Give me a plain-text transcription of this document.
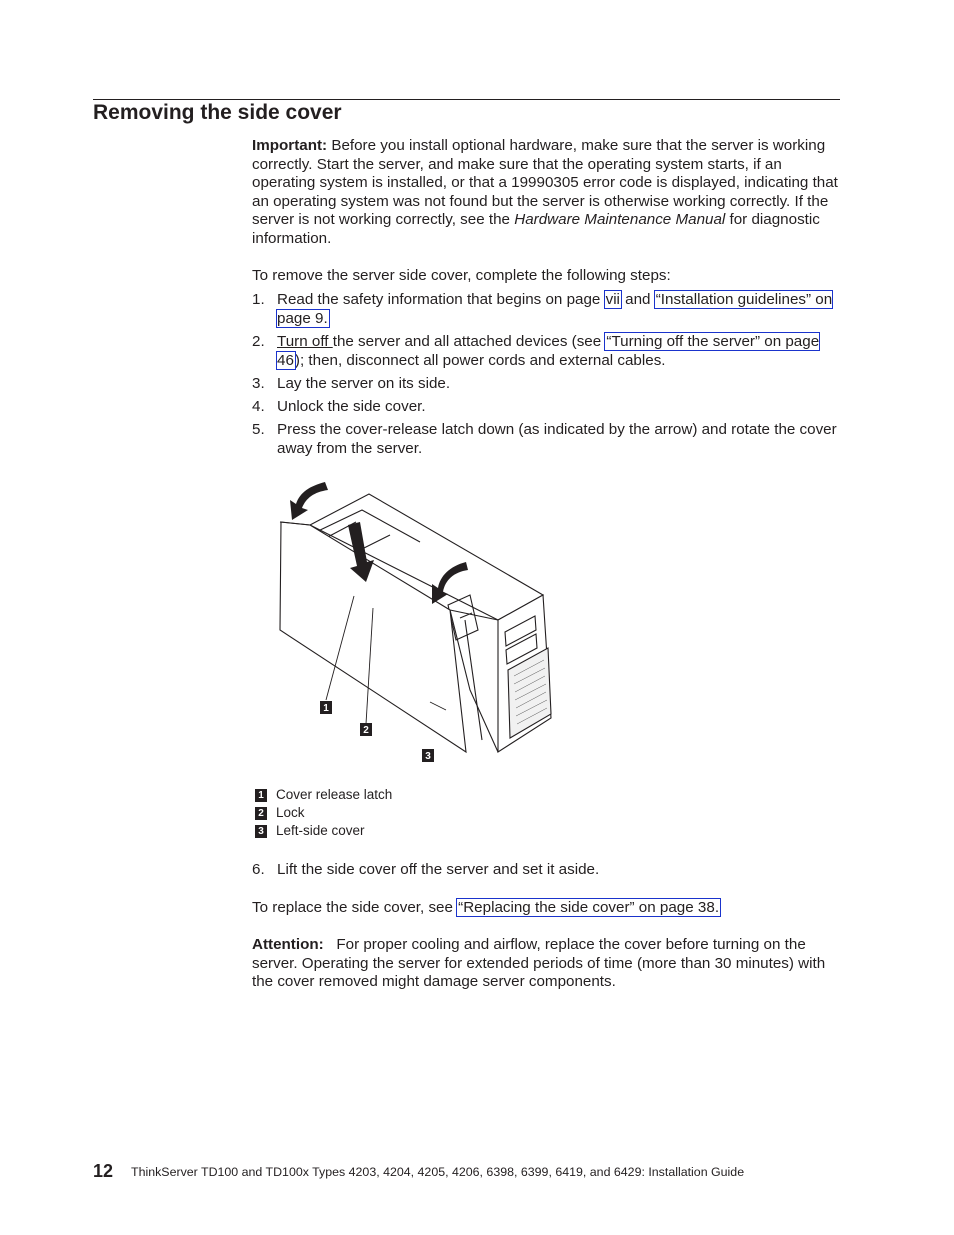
Removing the side cover

Important: Before you install optional hardware, make sure that the server is working correctly. Start the server, and make sure that the operating system starts, if an operating system is installed, or that a 19990305 error code is displayed, indicating that an operating system was not found but the server is otherwise working correctly. If the server is not working correctly, see the Hardware Maintenance Manual for diagnostic information.

To remove the server side cover, complete the following steps:

1. Read the safety information that begins on page vii and “Installation guidelines” on page 9.
2. Turn off the server and all attached devices (see “Turning off the server” on page 46); then, disconnect all power cords and external cables.
3. Lay the server on its side.
4. Unlock the side cover.
5. Press the cover-release latch down (as indicated by the arrow) and rotate the cover away from the server.
1
2
3
1 Cover release latch
2 Lock
3 Left-side cover
6. Lift the side cover off the server and set it aside.

To replace the side cover, see “Replacing the side cover” on page 38.

Attention:   For proper cooling and airflow, replace the cover before turning on the server. Operating the server for extended periods of time (more than 30 minutes) with the cover removed might damage server components.

12 ThinkServer TD100 and TD100x Types 4203, 4204, 4205, 4206, 6398, 6399, 6419, and 6429: Installation Guide
